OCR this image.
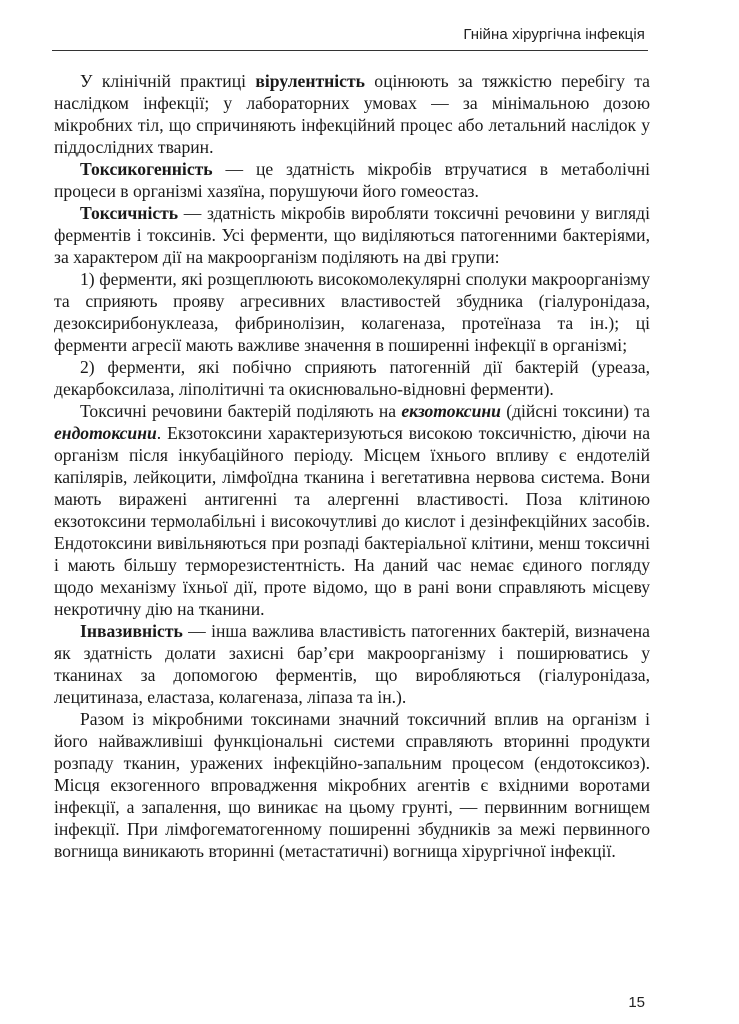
Гнійна хірургічна інфекція

У клінічній практиці вірулентність оцінюють за тяжкістю перебігу та наслідком інфекції; у лабораторних умовах — за мінімальною дозою мікробних тіл, що спричиняють інфекційний процес або летальний наслідок у піддослідних тварин.

Токсикогенність — це здатність мікробів втручатися в метаболічні процеси в організмі хазяїна, порушуючи його гомеостаз.

Токсичність — здатність мікробів виробляти токсичні речовини у вигляді ферментів і токсинів. Усі ферменти, що виділяються патогенними бактеріями, за характером дії на макроорганізм поділяють на дві групи:

1) ферменти, які розщеплюють високомолекулярні сполуки макроорганізму та сприяють прояву агресивних властивостей збудника (гіалуронідаза, дезоксирибонуклеаза, фибринолізин, колагеназа, протеїназа та ін.); ці ферменти агресії мають важливе значення в поширенні інфекції в організмі;

2) ферменти, які побічно сприяють патогенній дії бактерій (уреаза, декарбоксилаза, ліполітичні та окиснювально-відновні ферменти).

Токсичні речовини бактерій поділяють на екзотоксини (дійсні токсини) та ендотоксини. Екзотоксини характеризуються високою токсичністю, діючи на організм після інкубаційного періоду. Місцем їхнього впливу є ендотелій капілярів, лейкоцити, лімфоїдна тканина і вегетативна нервова система. Вони мають виражені антигенні та алергенні властивості. Поза клітиною екзотоксини термолабільні і високочутливі до кислот і дезінфекційних засобів. Ендотоксини вивільняються при розпаді бактеріальної клітини, менш токсичні і мають більшу терморезистентність. На даний час немає єдиного погляду щодо механізму їхньої дії, проте відомо, що в рані вони справляють місцеву некротичну дію на тканини.

Інвазивність — інша важлива властивість патогенних бактерій, визначена як здатність долати захисні бар’єри макроорганізму і поширюватись у тканинах за допомогою ферментів, що виробляються (гіалуронідаза, лецитиназа, еластаза, колагеназа, ліпаза та ін.).

Разом із мікробними токсинами значний токсичний вплив на організм і його найважливіші функціональні системи справляють вторинні продукти розпаду тканин, уражених інфекційно-запальним процесом (ендотоксикоз). Місця екзогенного впровадження мікробних агентів є вхідними воротами інфекції, а запалення, що виникає на цьому грунті, — первинним вогнищем інфекції. При лімфогематогенному поширенні збудників за межі первинного вогнища виникають вторинні (метастатичні) вогнища хірургічної інфекції.

15
